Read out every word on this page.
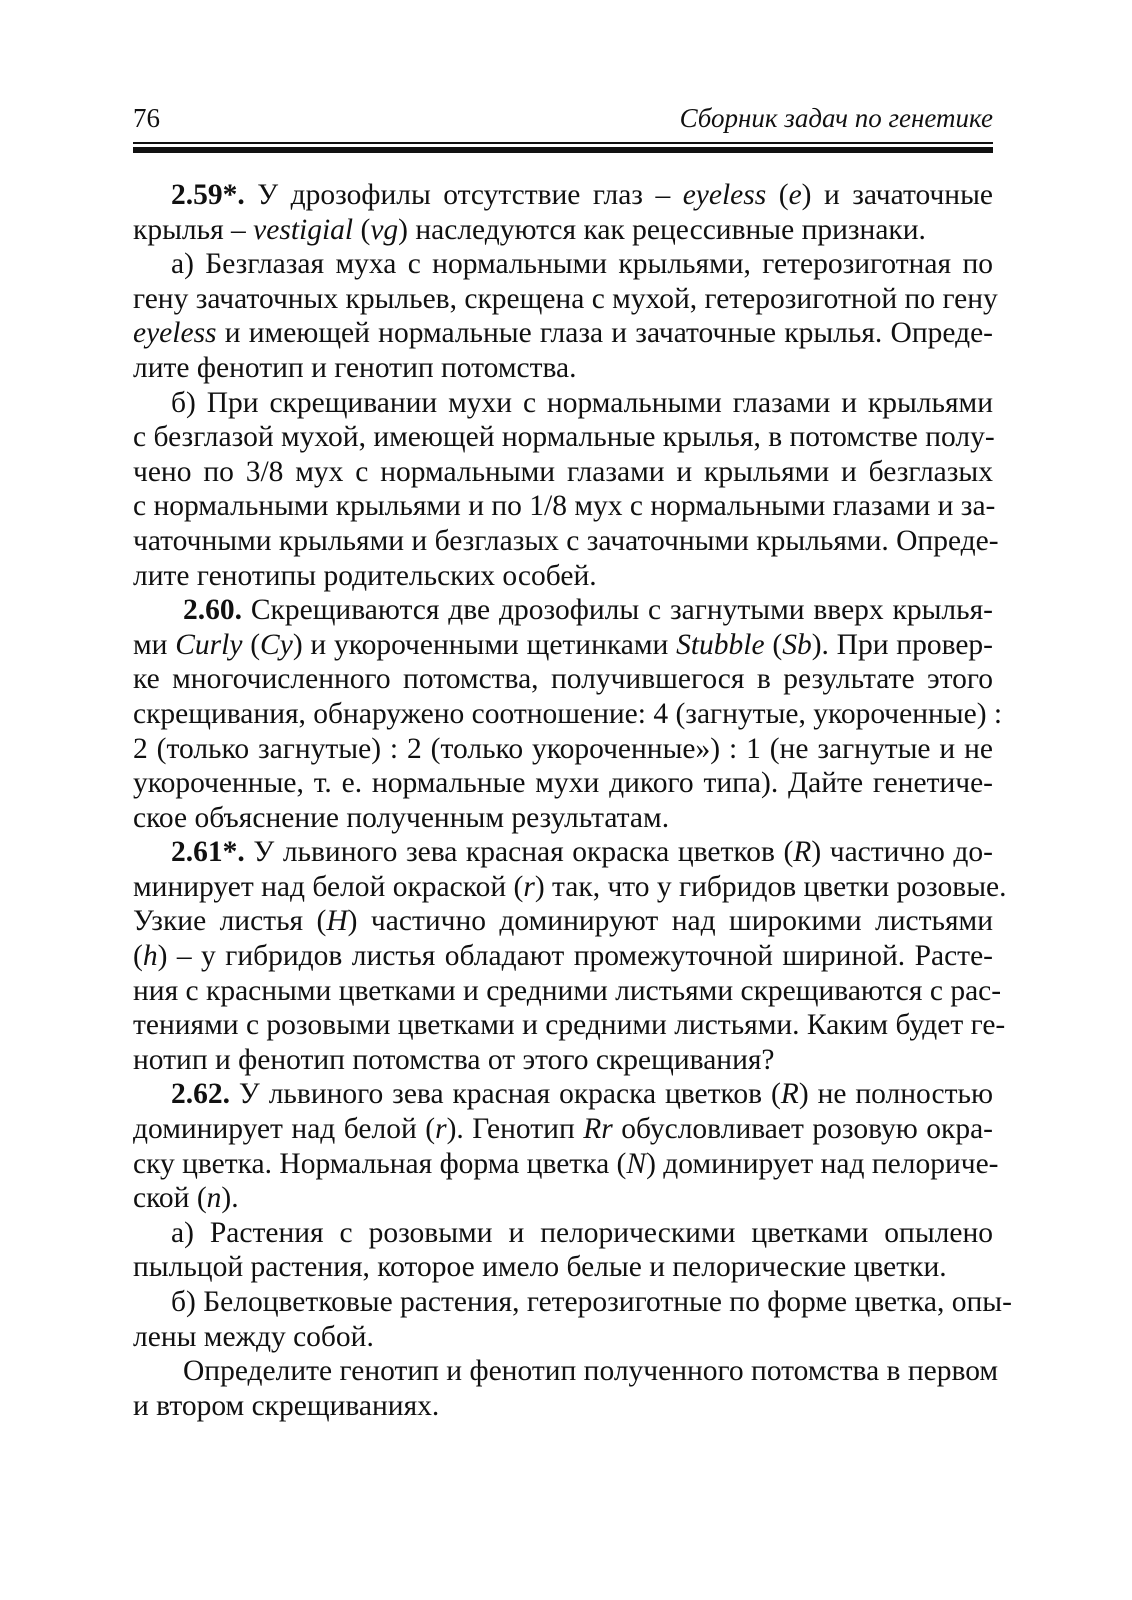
76	Сборник задач по генетике
2.59*. У дрозофилы отсутствие глаз – eyeless (e) и зачаточные
крылья – vestigial (vg) наследуются как рецессивные признаки.
а) Безглазая муха с нормальными крыльями, гетерозиготная по
гену зачаточных крыльев, скрещена с мухой, гетерозиготной по гену
eyeless и имеющей нормальные глаза и зачаточные крылья. Опреде-
лите фенотип и генотип потомства.
б) При скрещивании мухи с нормальными глазами и крыльями
с безглазой мухой, имеющей нормальные крылья, в потомстве полу-
чено по 3/8 мух с нормальными глазами и крыльями и безглазых
с нормальными крыльями и по 1/8 мух с нормальными глазами и за-
чаточными крыльями и безглазых с зачаточными крыльями. Опреде-
лите генотипы родительских особей.
2.60. Скрещиваются две дрозофилы с загнутыми вверх крылья-
ми Curly (Cy) и укороченными щетинками Stubble (Sb). При провер-
ке многочисленного потомства, получившегося в результате этого
скрещивания, обнаружено соотношение: 4 (загнутые, укороченные) :
2 (только загнутые) : 2 (только укороченные») : 1 (не загнутые и не
укороченные, т. е. нормальные мухи дикого типа). Дайте генетиче-
ское объяснение полученным результатам.
2.61*. У львиного зева красная окраска цветков (R) частично до-
минирует над белой окраской (r) так, что у гибридов цветки розовые.
Узкие листья (H) частично доминируют над широкими листьями
(h) – у гибридов листья обладают промежуточной шириной. Расте-
ния с красными цветками и средними листьями скрещиваются с рас-
тениями с розовыми цветками и средними листьями. Каким будет ге-
нотип и фенотип потомства от этого скрещивания?
2.62. У львиного зева красная окраска цветков (R) не полностью
доминирует над белой (r). Генотип Rr обусловливает розовую окра-
ску цветка. Нормальная форма цветка (N) доминирует над пелориче-
ской (n).
а) Растения с розовыми и пелорическими цветками опылено
пыльцой растения, которое имело белые и пелорические цветки.
б) Белоцветковые растения, гетерозиготные по форме цветка, опы-
лены между собой.
Определите генотип и фенотип полученного потомства в первом
и втором скрещиваниях.
